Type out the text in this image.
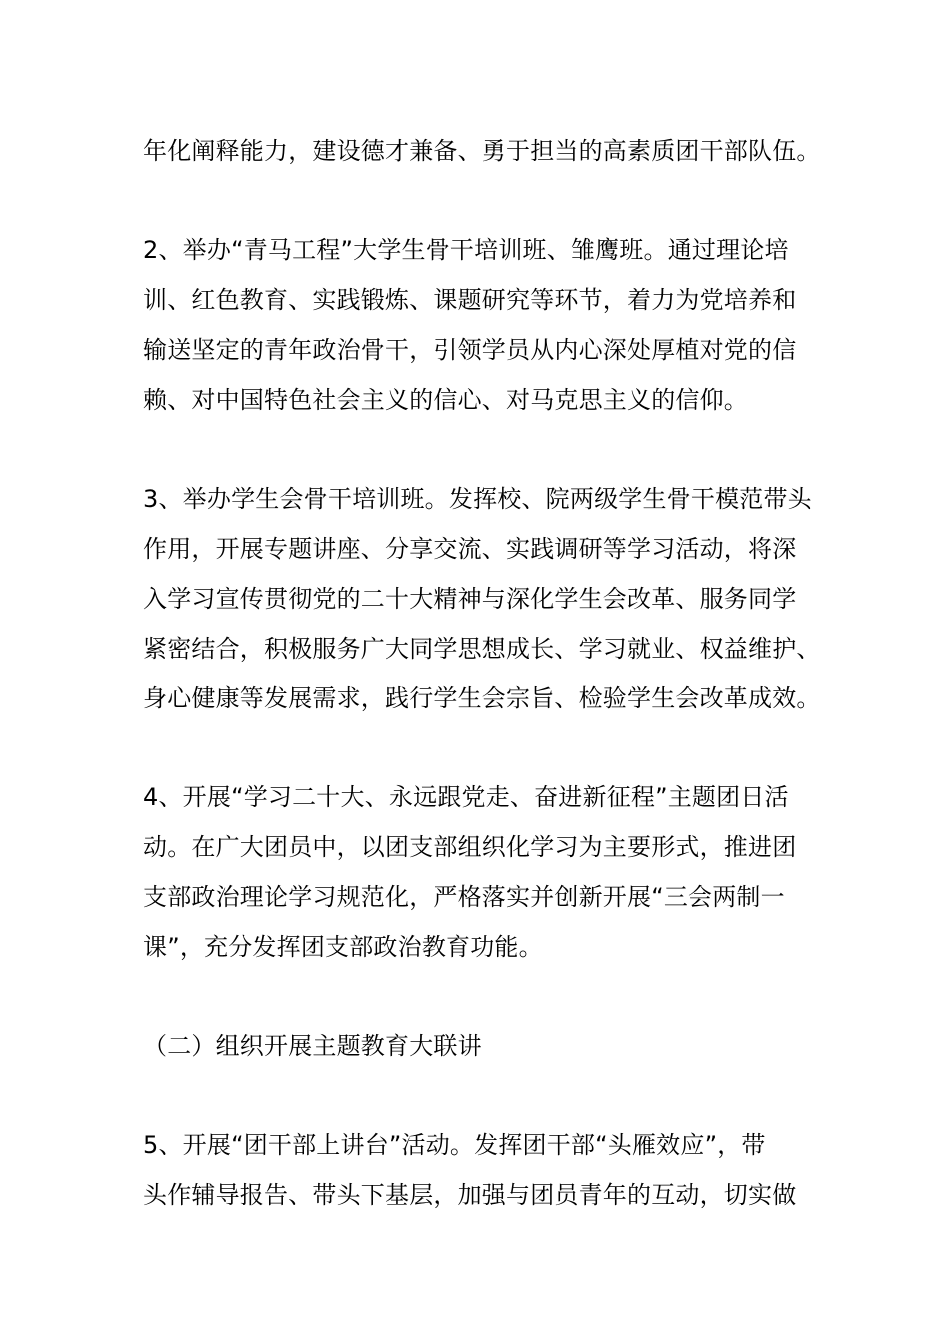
年化阐释能力，建设德才兼备、勇于担当的高素质团干部队伍。
2、举办“青马工程”大学生骨干培训班、雏鹰班。通过理论培
训、红色教育、实践锻炼、课题研究等环节，着力为党培养和
输送坚定的青年政治骨干，引领学员从内心深处厚植对党的信
赖、对中国特色社会主义的信心、对马克思主义的信仰。
3、举办学生会骨干培训班。发挥校、院两级学生骨干模范带头
作用，开展专题讲座、分享交流、实践调研等学习活动，将深
入学习宣传贯彻党的二十大精神与深化学生会改革、服务同学
紧密结合，积极服务广大同学思想成长、学习就业、权益维护、
身心健康等发展需求，践行学生会宗旨、检验学生会改革成效。
4、开展“学习二十大、永远跟党走、奋进新征程”主题团日活
动。在广大团员中，以团支部组织化学习为主要形式，推进团
支部政治理论学习规范化，严格落实并创新开展“三会两制一
课”，充分发挥团支部政治教育功能。
（二）组织开展主题教育大联讲
5、开展“团干部上讲台”活动。发挥团干部“头雁效应”，带
头作辅导报告、带头下基层，加强与团员青年的互动，切实做
